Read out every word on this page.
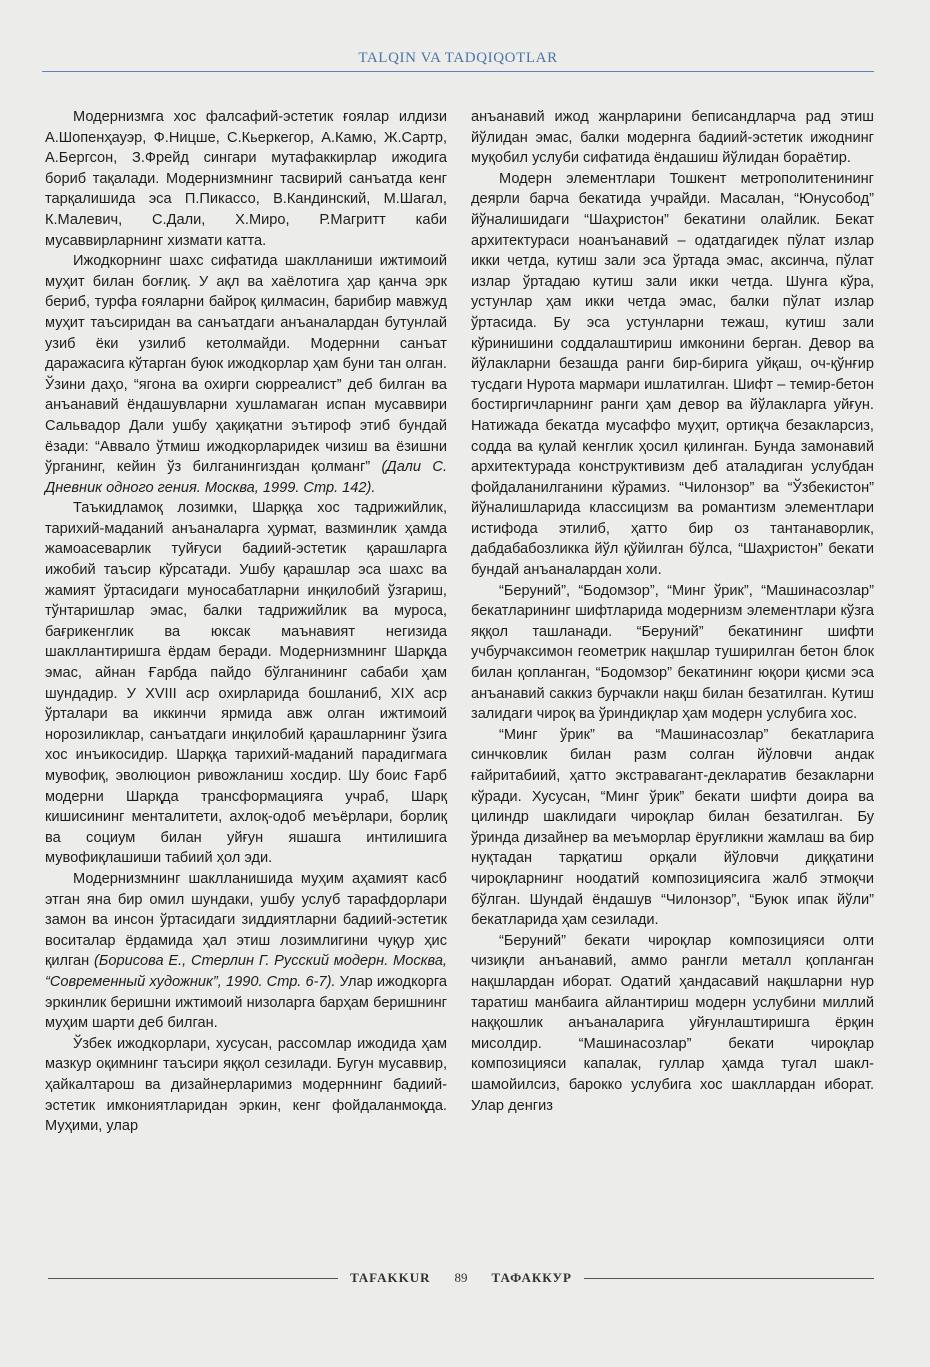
TALQIN VA TADQIQOTLAR

Модернизмга хос фалсафий-эстетик ғоялар илдизи А.Шопенҳауэр, Ф.Ницше, С.Кьеркегор, А.Камю, Ж.Сартр, А.Бергсон, З.Фрейд сингари мутафаккирлар ижодига бориб тақалади. Модернизмнинг тасвирий санъатда кенг тарқалишида эса П.Пикассо, В.Кандинский, М.Шагал, К.Малевич, С.Дали, Х.Миро, Р.Магритт каби мусаввирларнинг хизмати катта.

Ижодкорнинг шахс сифатида шаклланиши ижтимоий муҳит билан боғлиқ. У ақл ва хаёлотига ҳар қанча эрк бериб, турфа ғояларни байроқ қилмасин, барибир мавжуд муҳит таъсиридан ва санъатдаги анъаналардан бутунлай узиб ёки узилиб кетолмайди. Модернни санъат даражасига кўтарган буюк ижодкорлар ҳам буни тан олган. Ўзини даҳо, “ягона ва охирги сюрреалист” деб билган ва анъанавий ёндашувларни хушламаган испан мусаввири Сальвадор Дали ушбу ҳақиқатни эътироф этиб бундай ёзади: “Аввало ўтмиш ижодкорларидек чизиш ва ёзишни ўрганинг, кейин ўз билганингиздан қолманг” (Дали С. Дневник одного гения. Москва, 1999. Стр. 142).

Таъкидламоқ лозимки, Шарққа хос тадрижийлик, тарихий-маданий анъаналарга ҳурмат, вазминлик ҳамда жамоасеварлик туйғуси бадиий-эстетик қарашларга ижобий таъсир кўрсатади. Ушбу қарашлар эса шахс ва жамият ўртасидаги муносабатларни инқилобий ўзгариш, тўнтаришлар эмас, балки тадрижийлик ва муроса, бағрикенглик ва юксак маънавият негизида шакллантиришга ёрдам беради. Модернизмнинг Шарқда эмас, айнан Ғарбда пайдо бўлганининг сабаби ҳам шундадир. У XVIII аср охирларида бошланиб, XIX аср ўрталари ва иккинчи ярмида авж олган ижтимоий норозиликлар, санъатдаги инқилобий қарашларнинг ўзига хос инъикосидир. Шарққа тарихий-маданий парадигмага мувофиқ, эволюцион ривожланиш хосдир. Шу боис Ғарб модерни Шарқда трансформацияга учраб, Шарқ кишисининг менталитети, ахлоқ-одоб меъёрлари, борлиқ ва социум билан уйғун яшашга интилишига мувофиқлашиши табиий ҳол эди.

Модернизмнинг шаклланишида муҳим аҳамият касб этган яна бир омил шундаки, ушбу услуб тарафдорлари замон ва инсон ўртасидаги зиддиятларни бадиий-эстетик воситалар ёрдамида ҳал этиш лозимлигини чуқур ҳис қилган (Борисова Е., Стерлин Г. Русский модерн. Москва, “Современный художник”, 1990. Стр. 6-7). Улар ижодкорга эркинлик беришни ижтимоий низоларга барҳам беришнинг муҳим шарти деб билган.

Ўзбек ижодкорлари, хусусан, рассомлар ижодида ҳам мазкур оқимнинг таъсири яққол сезилади. Бугун мусаввир, ҳайкалтарош ва дизайнерларимиз модерннинг бадиий-эстетик имкониятларидан эркин, кенг фойдаланмоқда. Муҳими, улар

анъанавий ижод жанрларини беписандларча рад этиш йўлидан эмас, балки модернга бадиий-эстетик ижоднинг муқобил услуби сифатида ёндашиш йўлидан бораётир.

Модерн элементлари Тошкент метрополитенининг деярли барча бекатида учрайди. Масалан, “Юнусобод” йўналишидаги “Шаҳристон” бекатини олайлик. Бекат архитектураси ноанъанавий – одатдагидек пўлат излар икки четда, кутиш зали эса ўртада эмас, аксинча, пўлат излар ўртадаю кутиш зали икки четда. Шунга кўра, устунлар ҳам икки четда эмас, балки пўлат излар ўртасида. Бу эса устунларни тежаш, кутиш зали кўринишини соддалаштириш имконини берган. Девор ва йўлакларни безашда ранги бир-бирига уйқаш, оч-қўнғир тусдаги Нурота мармари ишлатилган. Шифт – темир-бетон бостиргичларнинг ранги ҳам девор ва йўлакларга уйғун. Натижада бекатда мусаффо муҳит, ортиқча безакларсиз, содда ва қулай кенглик ҳосил қилинган. Бунда замонавий архитектурада конструктивизм деб аталадиган услубдан фойдаланилганини кўрамиз. “Чилонзор” ва “Ўзбекистон” йўналишларида классицизм ва романтизм элементлари истифода этилиб, ҳатто бир оз тантанаворлик, дабдабабозликка йўл қўйилган бўлса, “Шаҳристон” бекати бундай анъаналардан холи.

“Беруний”, “Бодомзор”, “Минг ўрик”, “Машинасозлар” бекатларининг шифтларида модернизм элементлари кўзга яққол ташланади. “Беруний” бекатининг шифти учбурчаксимон геометрик нақшлар туширилган бетон блок билан қопланган, “Бодомзор” бекатининг юқори қисми эса анъанавий саккиз бурчакли нақш билан безатилган. Кутиш залидаги чироқ ва ўриндиқлар ҳам модерн услубига хос.

“Минг ўрик” ва “Машинасозлар” бекатларига синчковлик билан разм солган йўловчи андак ғайритабиий, ҳатто экстравагант-декларатив безакларни кўради. Хусусан, “Минг ўрик” бекати шифти доира ва цилиндр шаклидаги чироқлар билан безатилган. Бу ўринда дизайнер ва меъморлар ёруғликни жамлаш ва бир нуқтадан тарқатиш орқали йўловчи диққатини чироқларнинг ноодатий композициясига жалб этмоқчи бўлган. Шундай ёндашув “Чилонзор”, “Буюк ипак йўли” бекатларида ҳам сезилади.

“Беруний” бекати чироқлар композицияси олти чизиқли анъанавий, аммо рангли металл қопланган нақшлардан иборат. Одатий ҳандасавий нақшларни нур таратиш манбаига айлантириш модерн услубини миллий наққошлик анъаналарига уйғунлаштиришга ёрқин мисолдир. “Машинасозлар” бекати чироқлар композицияси капалак, гуллар ҳамда тугал шакл-шамойилсиз, барокко услубига хос шакллардан иборат. Улар денгиз

TAFAKKUR	89	ТАФАККУР
